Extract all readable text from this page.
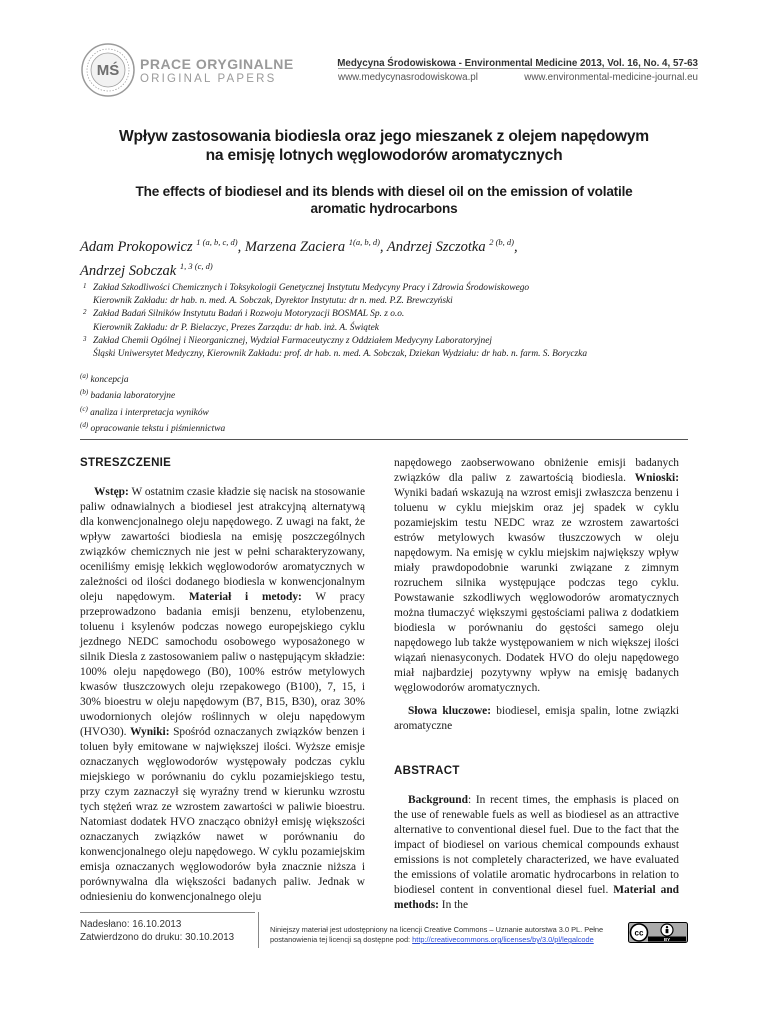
MŚ PRACE ORYGINALNE
ORIGINAL PAPERS
Medycyna Środowiskowa - Environmental Medicine 2013, Vol. 16, No. 4, 57-63
www.medycynasrodowiskowa.pl	www.environmental-medicine-journal.eu
Wpływ zastosowania biodiesla oraz jego mieszanek z olejem napędowym
na emisję lotnych węglowodorów aromatycznych
The effects of biodiesel and its blends with diesel oil on the emission of volatile
aromatic hydrocarbons
Adam Prokopowicz $^{1 (a, b, c, d)}$, Marzena Zaciera $^{1(a, b, d)}$, Andrzej Szczotka $^{2 (b, d)}$,
Andrzej Sobczak $^{1, 3 (c, d)}$
1 Zakład Szkodliwości Chemicznych i Toksykologii Genetycznej Instytutu Medycyny Pracy i Zdrowia Środowiskowego
Kierownik Zakładu: dr hab. n. med. A. Sobczak, Dyrektor Instytutu: dr n. med. P.Z. Brewczyński
2 Zakład Badań Silników Instytutu Badań i Rozwoju Motoryzacji BOSMAL Sp. z o.o.
Kierownik Zakładu: dr P. Bielaczyc, Prezes Zarządu: dr hab. inż. A. Świątek
3 Zakład Chemii Ogólnej i Nieorganicznej, Wydział Farmaceutyczny z Oddziałem Medycyny Laboratoryjnej
Śląski Uniwersytet Medyczny, Kierownik Zakładu: prof. dr hab. n. med. A. Sobczak, Dziekan Wydziału: dr hab. n. farm. S. Boryczka
$^{(a)}$ koncepcja
$^{(b)}$ badania laboratoryjne
$^{(c)}$ analiza i interpretacja wyników
$^{(d)}$ opracowanie tekstu i piśmiennictwa
STRESZCZENIE

Wstęp: W ostatnim czasie kładzie się nacisk na stosowanie paliw odnawialnych a biodiesel jest atrakcyjną alternatywą dla konwencjonalnego oleju napędowego. Z uwagi na fakt, że wpływ zawartości biodiesla na emisję poszczególnych związków chemicznych nie jest w pełni scharakteryzowany, oceniliśmy emisję lekkich węglowodorów aromatycznych w zależności od ilości dodanego biodiesla w konwencjonalnym oleju napędowym. Materiał i metody: W pracy przeprowadzono badania emisji benzenu, etylobenzenu, toluenu i ksylenów podczas nowego europejskiego cyklu jezdnego NEDC samochodu osobowego wyposażonego w silnik Diesla z zastosowaniem paliw o następującym składzie: 100% oleju napędowego (B0), 100% estrów metylowych kwasów tłuszczowych oleju rzepakowego (B100), 7, 15, i 30% bioestru w oleju napędowym (B7, B15, B30), oraz 30% uwodornionych olejów roślinnych w oleju napędowym (HVO30). Wyniki: Spośród oznaczanych związków benzen i toluen były emitowane w największej ilości. Wyższe emisje oznaczanych węglowodorów występowały podczas cyklu miejskiego w porównaniu do cyklu pozamiejskiego testu, przy czym zaznaczył się wyraźny trend w kierunku wzrostu tych stężeń wraz ze wzrostem zawartości w paliwie bioestru. Natomiast dodatek HVO znacząco obniżył emisję większości oznaczanych związków nawet w porównaniu do konwencjonalnego oleju napędowego. W cyklu pozamiejskim emisja oznaczanych węglowodorów była znacznie niższa i porównywalna dla większości badanych paliw. Jednak w odniesieniu do konwencjonalnego oleju

napędowego zaobserwowano obniżenie emisji badanych związków dla paliw z zawartością biodiesla. Wnioski: Wyniki badań wskazują na wzrost emisji zwłaszcza benzenu i toluenu w cyklu miejskim oraz jej spadek w cyklu pozamiejskim testu NEDC wraz ze wzrostem zawartości estrów metylowych kwasów tłuszczowych w oleju napędowym. Na emisję w cyklu miejskim największy wpływ miały prawdopodobnie warunki związane z zimnym rozruchem silnika występujące podczas tego cyklu. Powstawanie szkodliwych węglowodorów aromatycznych można tłumaczyć większymi gęstościami paliwa z dodatkiem biodiesla w porównaniu do gęstości samego oleju napędowego lub także występowaniem w nich większej ilości wiązań nienasyconych. Dodatek HVO do oleju napędowego miał najbardziej pozytywny wpływ na emisję badanych węglowodorów aromatycznych.

Słowa kluczowe: biodiesel, emisja spalin, lotne związki aromatyczne

ABSTRACT

Background: In recent times, the emphasis is placed on the use of renewable fuels as well as biodiesel as an attractive alternative to conventional diesel fuel. Due to the fact that the impact of biodiesel on various chemical compounds exhaust emissions is not completely characterized, we have evaluated the emissions of volatile aromatic hydrocarbons in relation to biodiesel content in conventional diesel fuel. Material and methods: In the

Nadesłano: 16.10.2013
Zatwierdzono do druku: 30.10.2013
Niniejszy materiał jest udostępniony na licencji Creative Commons – Uznanie autorstwa 3.0 PL. Pełne
postanowienia tej licencji są dostępne pod: http://creativecommons.org/licenses/by/3.0/pl/legalcode
cc
BY
